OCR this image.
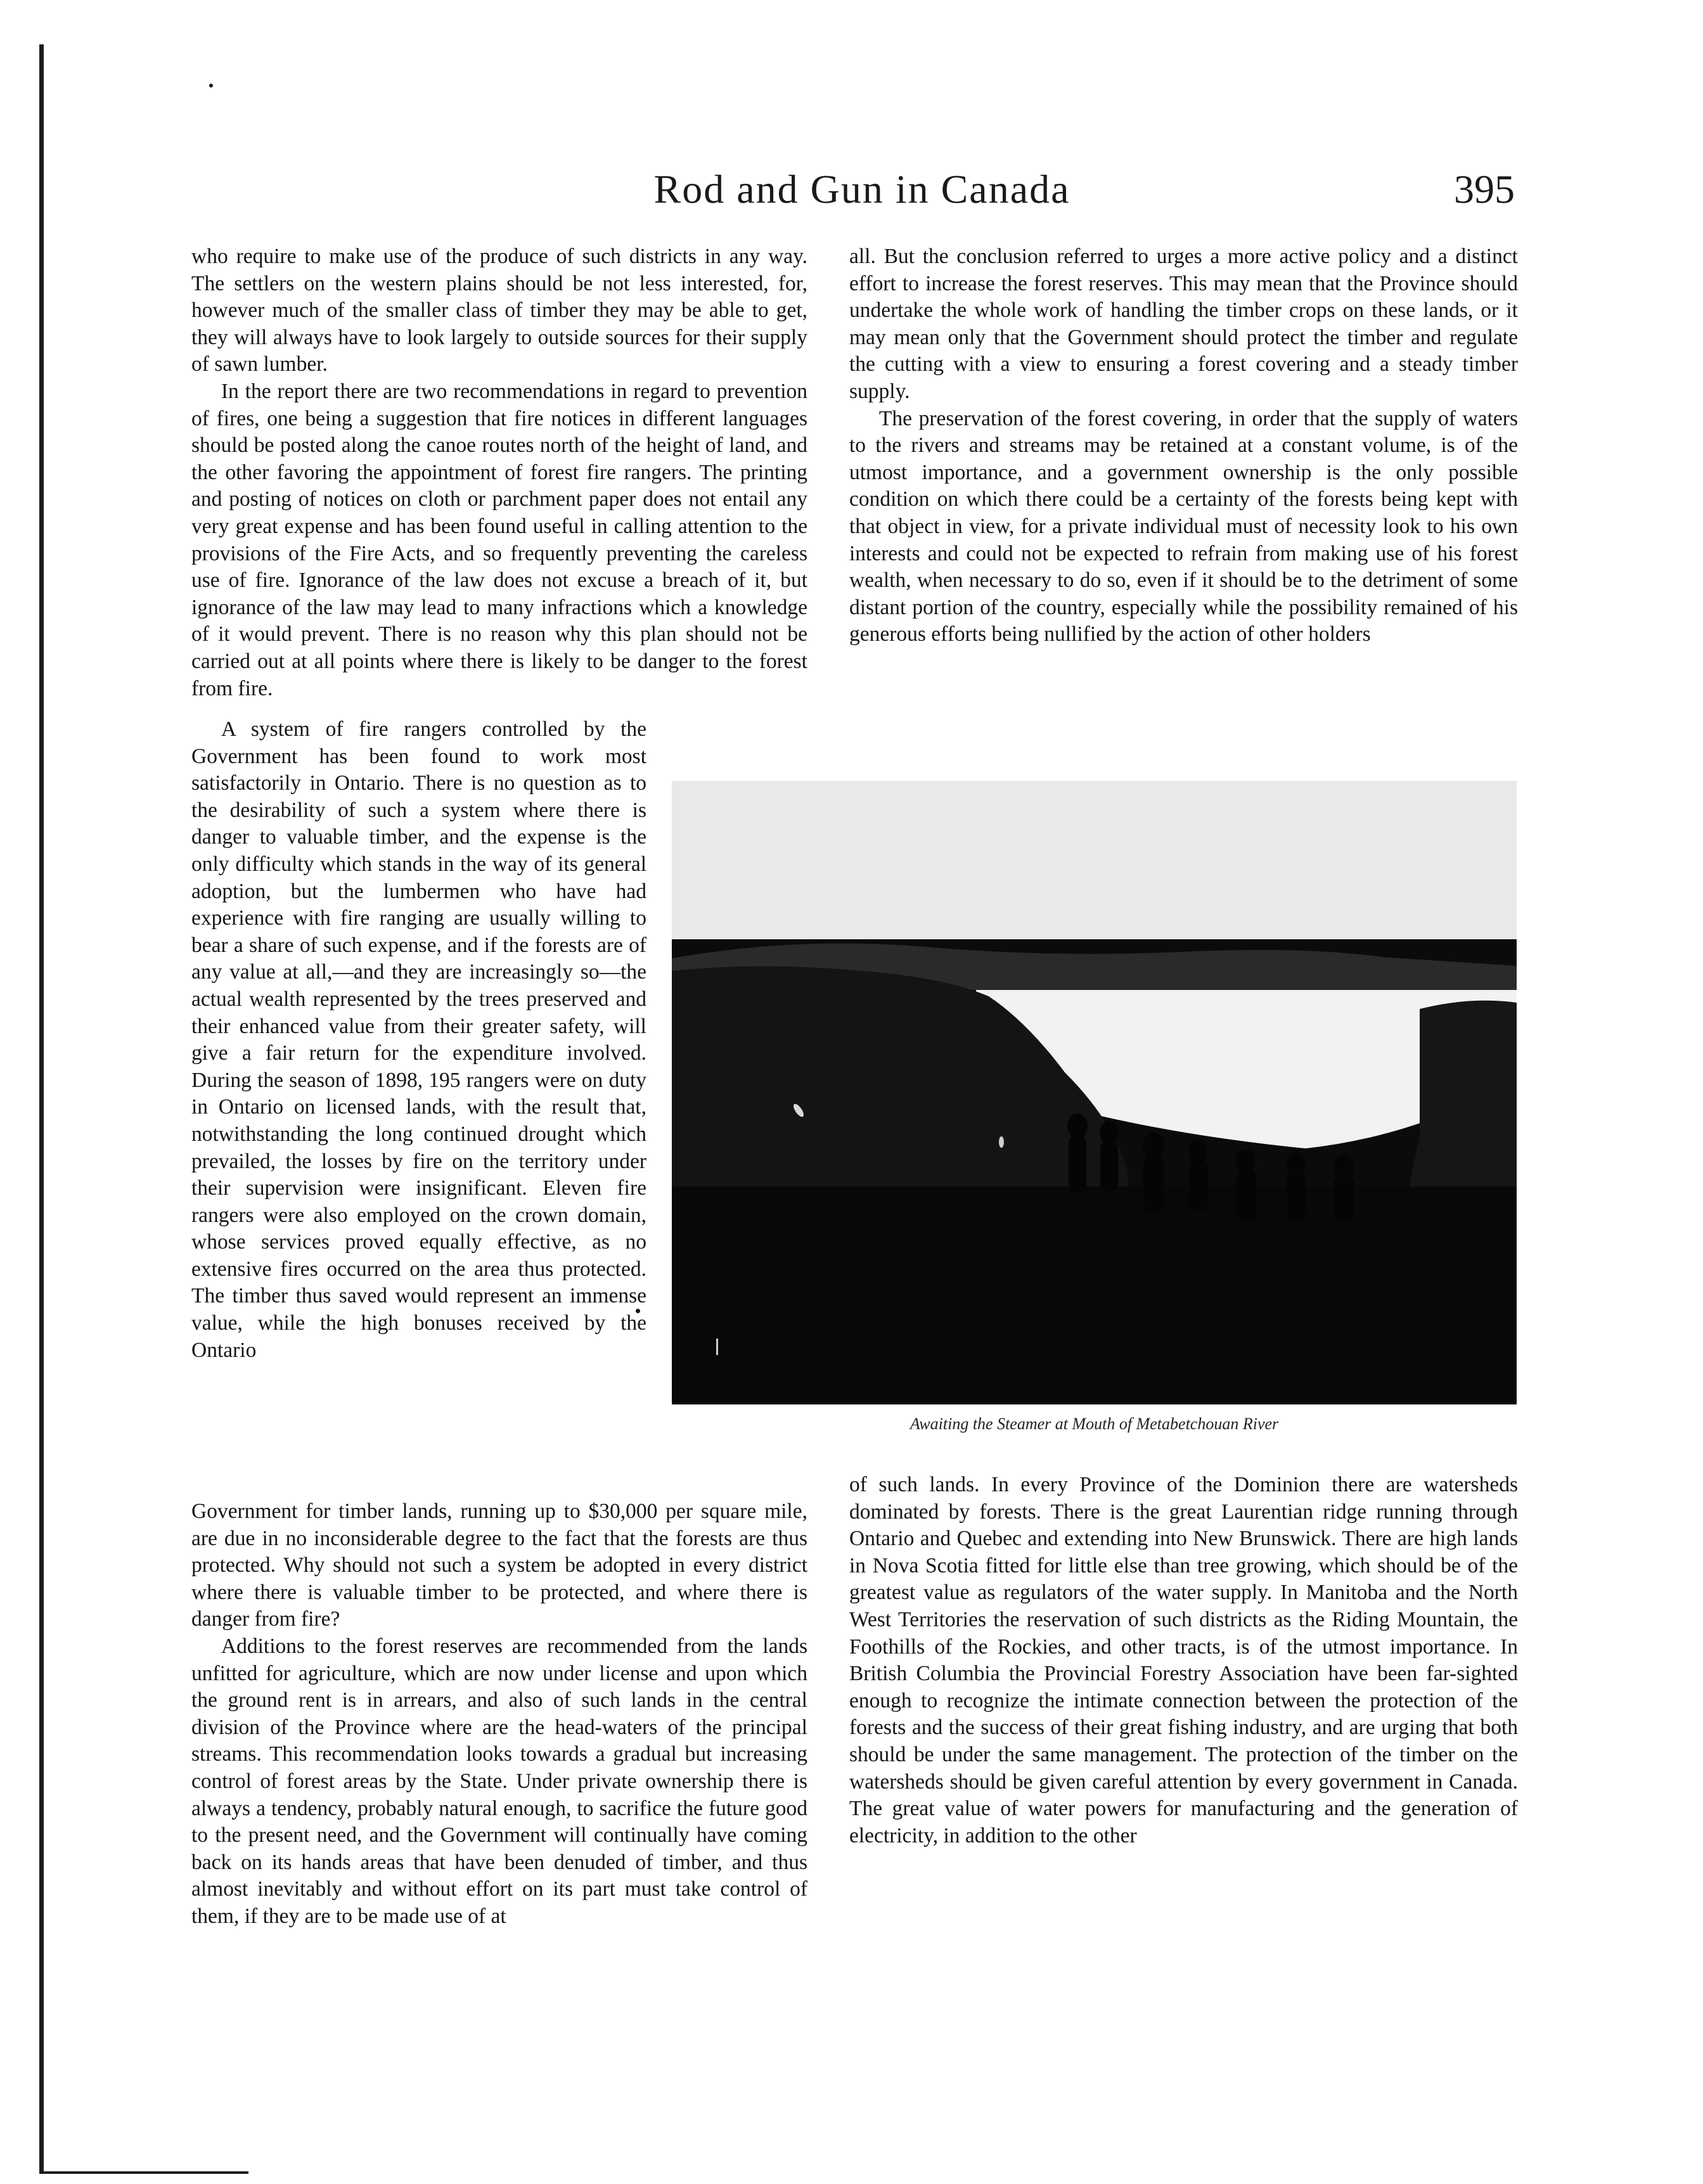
Rod and Gun in Canada	395

who require to make use of the produce of such districts in any way. The settlers on the western plains should be not less interested, for, however much of the smaller class of timber they may be able to get, they will always have to look largely to outside sources for their supply of sawn lumber.

In the report there are two recommendations in regard to prevention of fires, one being a suggestion that fire notices in different languages should be posted along the canoe routes north of the height of land, and the other favoring the appointment of forest fire rangers. The printing and posting of notices on cloth or parchment paper does not entail any very great expense and has been found useful in calling attention to the provisions of the Fire Acts, and so frequently preventing the careless use of fire. Ignorance of the law does not excuse a breach of it, but ignorance of the law may lead to many infractions which a knowledge of it would prevent. There is no reason why this plan should not be carried out at all points where there is likely to be danger to the forest from fire.

A system of fire rangers controlled by the Government has been found to work most satisfactorily in Ontario. There is no question as to the desirability of such a system where there is danger to valuable timber, and the expense is the only difficulty which stands in the way of its general adoption, but the lumbermen who have had experience with fire ranging are usually willing to bear a share of such expense, and if the forests are of any value at all,—and they are increasingly so—the actual wealth represented by the trees preserved and their enhanced value from their greater safety, will give a fair return for the expenditure involved. During the season of 1898, 195 rangers were on duty in Ontario on licensed lands, with the result that, notwithstanding the long continued drought which prevailed, the losses by fire on the territory under their supervision were insignificant. Eleven fire rangers were also employed on the crown domain, whose services proved equally effective, as no extensive fires occurred on the area thus protected. The timber thus saved would represent an immense value, while the high bonuses received by the Ontario

Government for timber lands, running up to $30,000 per square mile, are due in no inconsiderable degree to the fact that the forests are thus protected. Why should not such a system be adopted in every district where there is valuable timber to be protected, and where there is danger from fire?

Additions to the forest reserves are recommended from the lands unfitted for agriculture, which are now under license and upon which the ground rent is in arrears, and also of such lands in the central division of the Province where are the head-waters of the principal streams. This recommendation looks towards a gradual but increasing control of forest areas by the State. Under private ownership there is always a tendency, probably natural enough, to sacrifice the future good to the present need, and the Government will continually have coming back on its hands areas that have been denuded of timber, and thus almost inevitably and without effort on its part must take control of them, if they are to be made use of at

all. But the conclusion referred to urges a more active policy and a distinct effort to increase the forest reserves. This may mean that the Province should undertake the whole work of handling the timber crops on these lands, or it may mean only that the Government should protect the timber and regulate the cutting with a view to ensuring a forest covering and a steady timber supply.

The preservation of the forest covering, in order that the supply of waters to the rivers and streams may be retained at a constant volume, is of the utmost importance, and a government ownership is the only possible condition on which there could be a certainty of the forests being kept with that object in view, for a private individual must of necessity look to his own interests and could not be expected to refrain from making use of his forest wealth, when necessary to do so, even if it should be to the detriment of some distant portion of the country, especially while the possibility remained of his generous efforts being nullified by the action of other holders

Awaiting the Steamer at Mouth of Metabetchouan River

of such lands. In every Province of the Dominion there are watersheds dominated by forests. There is the great Laurentian ridge running through Ontario and Quebec and extending into New Brunswick. There are high lands in Nova Scotia fitted for little else than tree growing, which should be of the greatest value as regulators of the water supply. In Manitoba and the North West Territories the reservation of such districts as the Riding Mountain, the Foothills of the Rockies, and other tracts, is of the utmost importance. In British Columbia the Provincial Forestry Association have been far-sighted enough to recognize the intimate connection between the protection of the forests and the success of their great fishing industry, and are urging that both should be under the same management. The protection of the timber on the watersheds should be given careful attention by every government in Canada. The great value of water powers for manufacturing and the generation of electricity, in addition to the other
